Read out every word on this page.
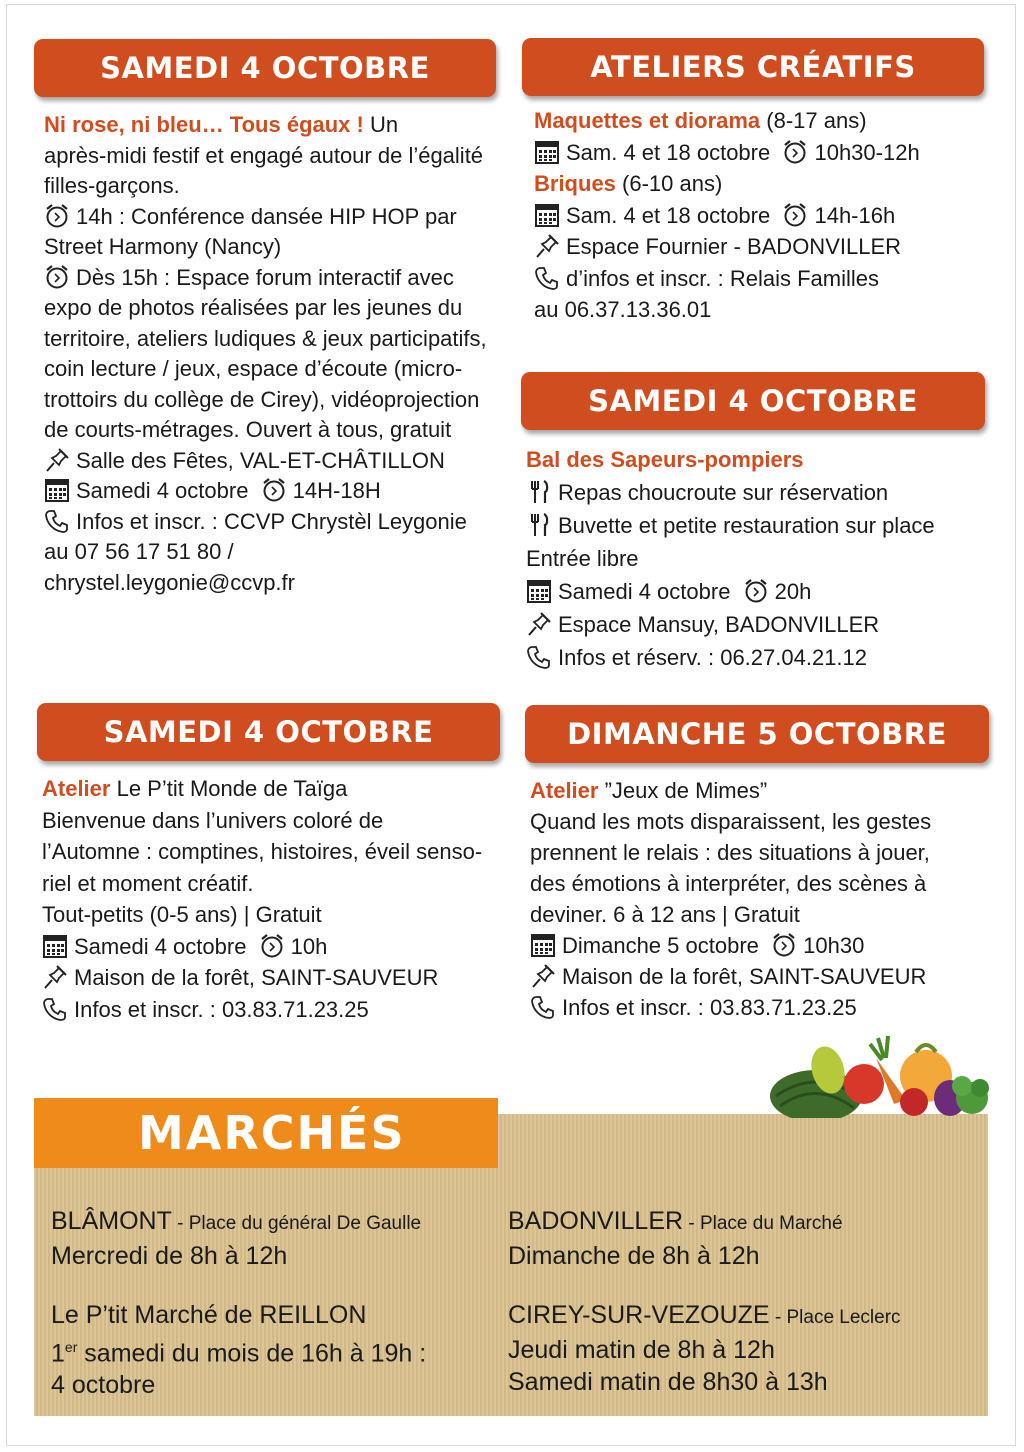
SAMEDI 4 OCTOBRE

Ni rose, ni bleu… Tous égaux ! Un

après-midi festif et engagé autour de l’égalité

filles-garçons.

14h : Conférence dansée HIP HOP par

Street Harmony (Nancy)

Dès 15h : Espace forum interactif avec

expo de photos réalisées par les jeunes du

territoire, ateliers ludiques & jeux participatifs,

coin lecture / jeux, espace d’écoute (micro-

trottoirs du collège de Cirey), vidéoprojection

de courts-métrages. Ouvert à tous, gratuit

Salle des Fêtes, VAL-ET-CHÂTILLON

Samedi 4 octobre 14H-18H

Infos et inscr. : CCVP Chrystèl Leygonie

au 07 56 17 51 80 /

chrystel.leygonie@ccvp.fr

ATELIERS CRÉATIFS

Maquettes et diorama (8-17 ans)

Sam. 4 et 18 octobre 10h30-12h

Briques (6-10 ans)

Sam. 4 et 18 octobre 14h-16h

Espace Fournier - BADONVILLER

d’infos et inscr. : Relais Familles

au 06.37.13.36.01

SAMEDI 4 OCTOBRE

Bal des Sapeurs-pompiers

Repas choucroute sur réservation

Buvette et petite restauration sur place

Entrée libre

Samedi 4 octobre 20h

Espace Mansuy, BADONVILLER

Infos et réserv. : 06.27.04.21.12

SAMEDI 4 OCTOBRE

Atelier Le P’tit Monde de Taïga

Bienvenue dans l’univers coloré de

l’Automne : comptines, histoires, éveil senso-

riel et moment créatif.

Tout-petits (0-5 ans) | Gratuit

Samedi 4 octobre 10h

Maison de la forêt, SAINT-SAUVEUR

Infos et inscr. : 03.83.71.23.25

DIMANCHE 5 OCTOBRE

Atelier ”Jeux de Mimes”

Quand les mots disparaissent, les gestes

prennent le relais : des situations à jouer,

des émotions à interpréter, des scènes à

deviner. 6 à 12 ans | Gratuit

Dimanche 5 octobre 10h30

Maison de la forêt, SAINT-SAUVEUR

Infos et inscr. : 03.83.71.23.25

MARCHÉS

BLÂMONT - Place du général De Gaulle

Mercredi de 8h à 12h

Le P’tit Marché de REILLON

1er samedi du mois de 16h à 19h :

4 octobre

BADONVILLER - Place du Marché

Dimanche de 8h à 12h

CIREY-SUR-VEZOUZE - Place Leclerc

Jeudi matin de 8h à 12h

Samedi matin de 8h30 à 13h
